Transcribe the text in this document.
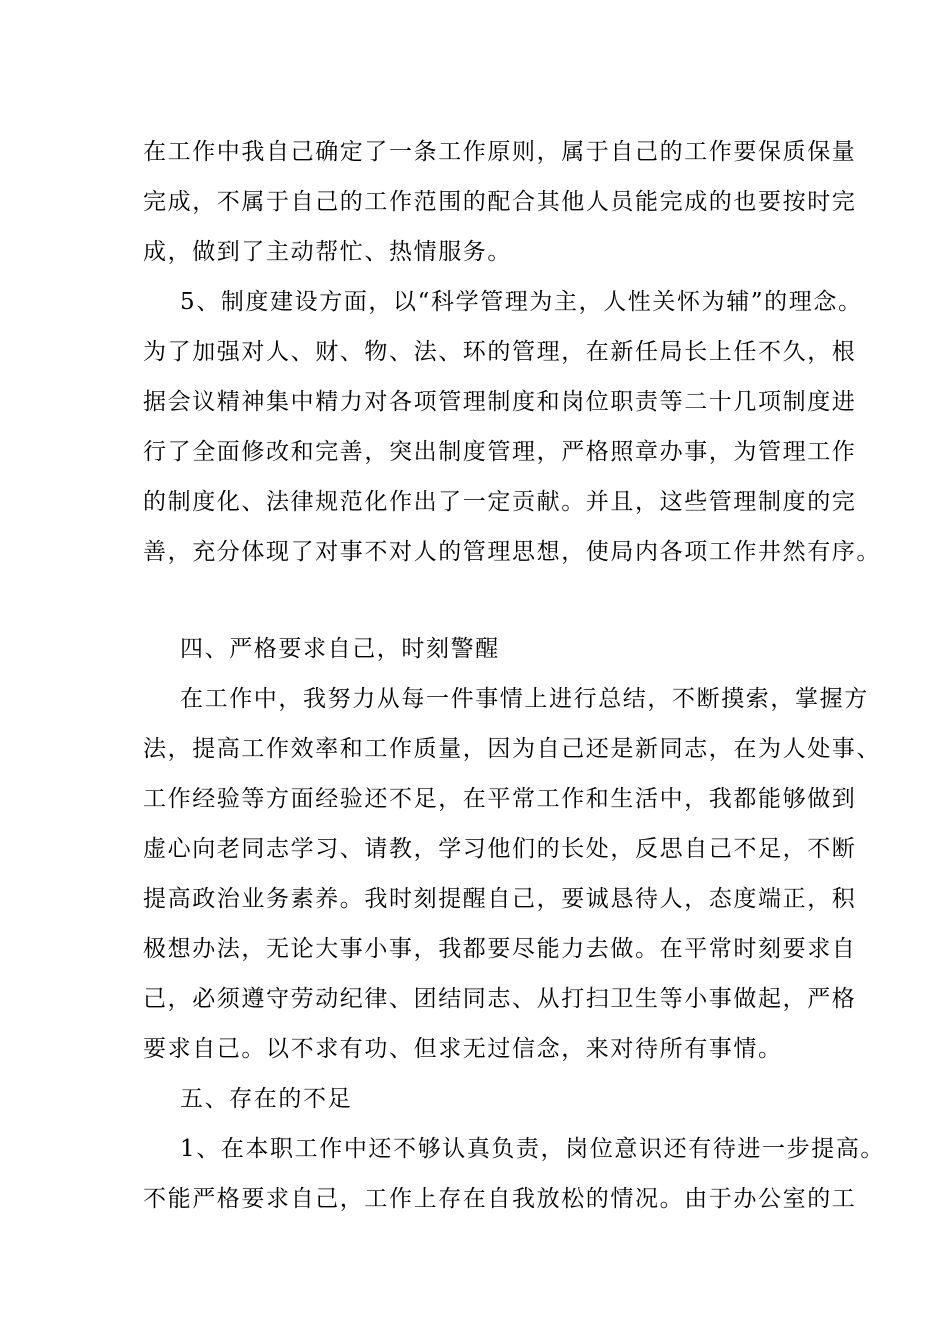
在工作中我自己确定了一条工作原则，属于自己的工作要保质保量
完成，不属于自己的工作范围的配合其他人员能完成的也要按时完
成，做到了主动帮忙、热情服务。
5、制度建设方面，以“科学管理为主，人性关怀为辅”的理念。
为了加强对人、财、物、法、环的管理，在新任局长上任不久，根
据会议精神集中精力对各项管理制度和岗位职责等二十几项制度进
行了全面修改和完善，突出制度管理，严格照章办事，为管理工作
的制度化、法律规范化作出了一定贡献。并且，这些管理制度的完
善，充分体现了对事不对人的管理思想，使局内各项工作井然有序。
四、严格要求自己，时刻警醒
在工作中，我努力从每一件事情上进行总结，不断摸索，掌握方
法，提高工作效率和工作质量，因为自己还是新同志，在为人处事、
工作经验等方面经验还不足，在平常工作和生活中，我都能够做到
虚心向老同志学习、请教，学习他们的长处，反思自己不足，不断
提高政治业务素养。我时刻提醒自己，要诚恳待人，态度端正，积
极想办法，无论大事小事，我都要尽能力去做。在平常时刻要求自
己，必须遵守劳动纪律、团结同志、从打扫卫生等小事做起，严格
要求自己。以不求有功、但求无过信念，来对待所有事情。
五、存在的不足
1、在本职工作中还不够认真负责，岗位意识还有待进一步提高。
不能严格要求自己，工作上存在自我放松的情况。由于办公室的工
